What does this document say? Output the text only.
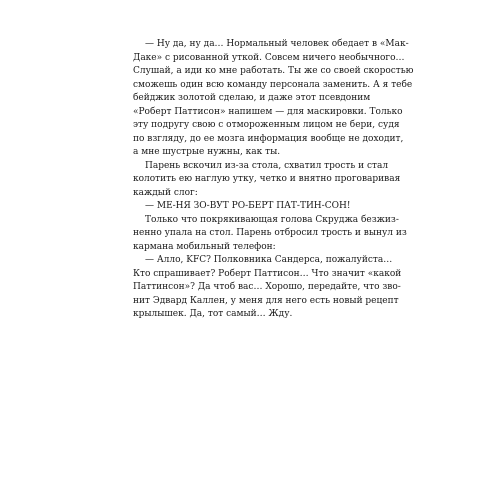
— Ну да, ну да… Нормальный человек обедает в «Мак-
Даке» с рисованной уткой. Совсем ничего необычного…
Слушай, а иди ко мне работать. Ты же со своей скоростью
сможешь один всю команду персонала заменить. А я тебе
бейджик золотой сделаю, и даже этот псевдоним
«Роберт Паттисон» напишем — для маскировки. Только
эту подругу свою с отмороженным лицом не бери, судя
по взгляду, до ее мозга информация вообще не доходит,
а мне шустрые нужны, как ты.
Парень вскочил из-за стола, схватил трость и стал
колотить ею наглую утку, четко и внятно проговаривая
каждый слог:
— МЕ-НЯ ЗО-ВУТ РО-БЕРТ ПАТ-ТИН-СОН!
Только что покрякивающая голова Скруджа безжиз-
ненно упала на стол. Парень отбросил трость и вынул из
кармана мобильный телефон:
— Алло, KFC? Полковника Сандерса, пожалуйста…
Кто спрашивает? Роберт Паттисон… Что значит «какой
Паттинсон»? Да чтоб вас… Хорошо, передайте, что зво-
нит Эдвард Каллен, у меня для него есть новый рецепт
крылышек. Да, тот самый… Жду.
